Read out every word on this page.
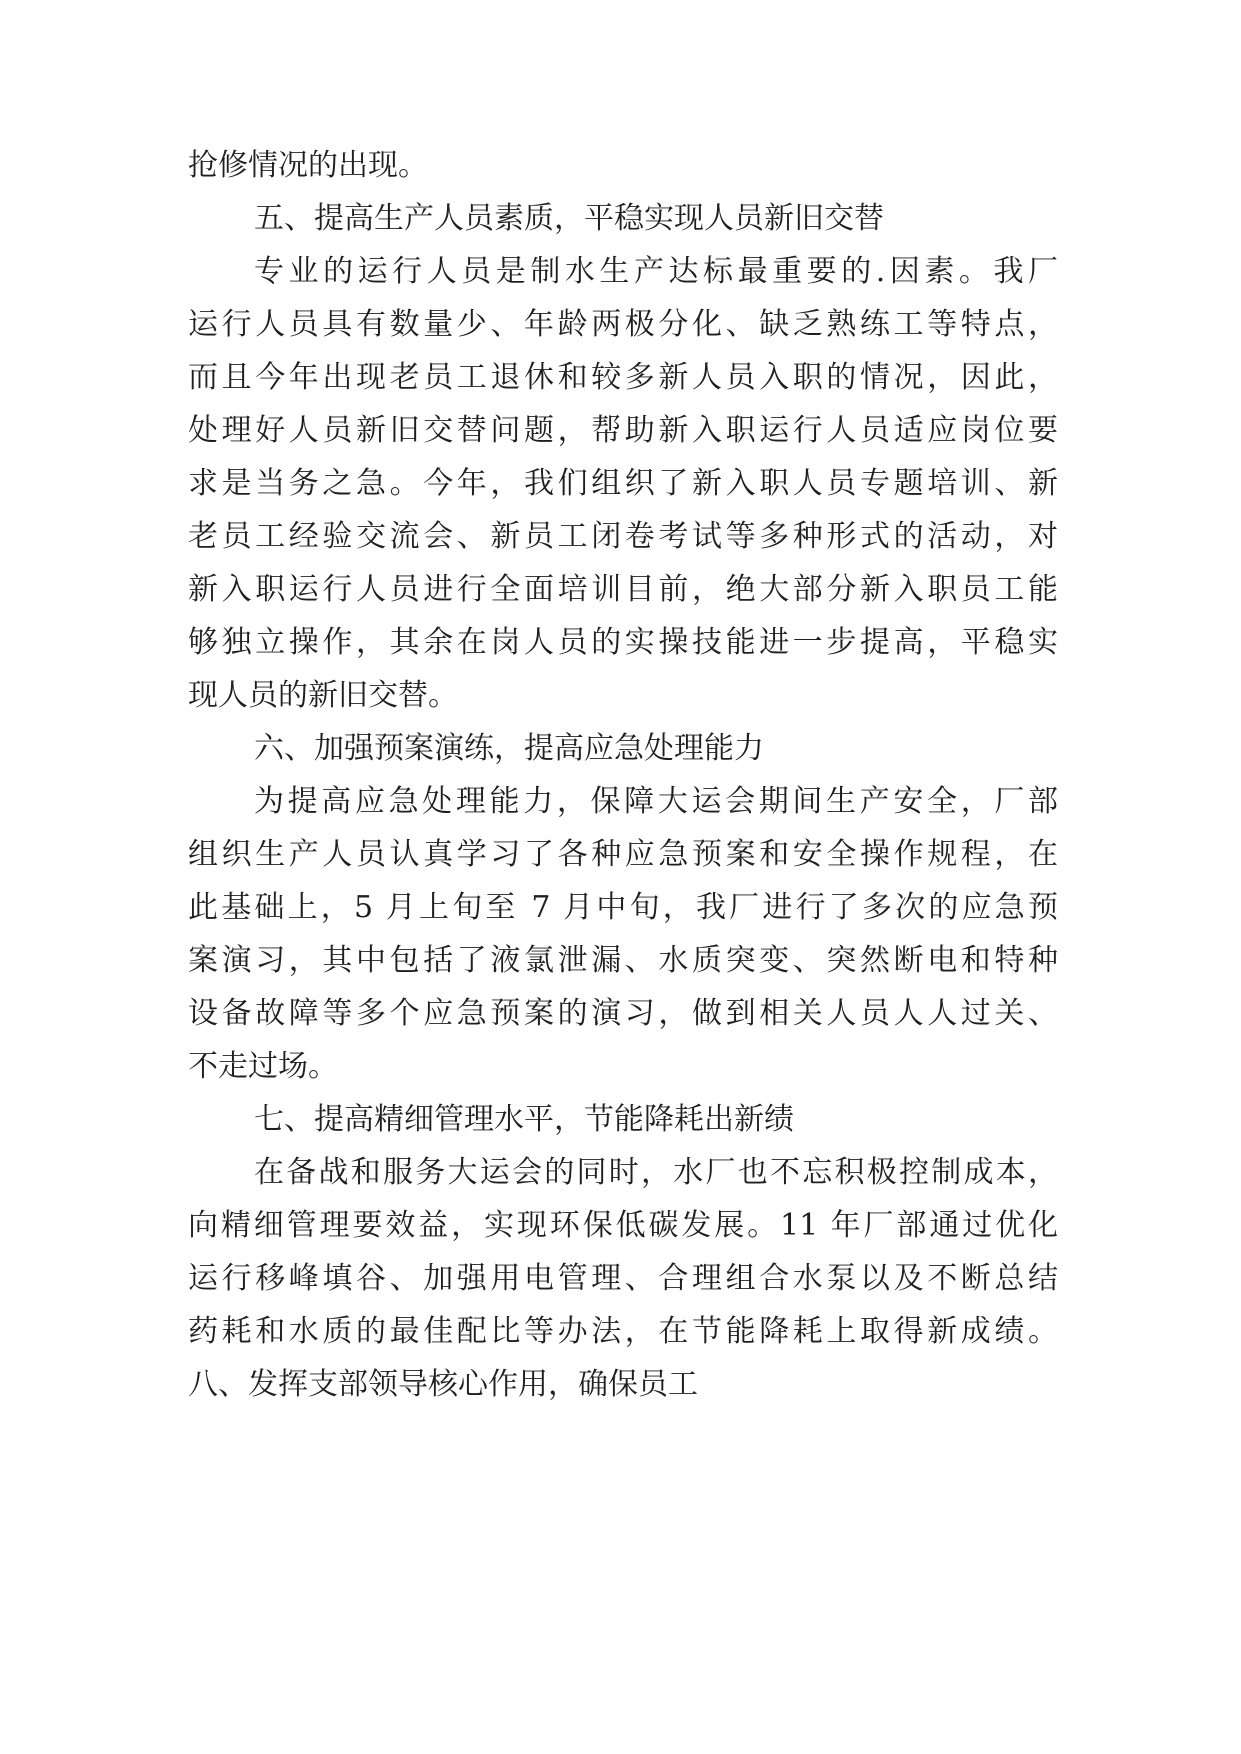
抢修情况的出现。
五、提高生产人员素质，平稳实现人员新旧交替
专业的运行人员是制水生产达标最重要的.因素。我厂
运行人员具有数量少、年龄两极分化、缺乏熟练工等特点，
而且今年出现老员工退休和较多新人员入职的情况，因此，
处理好人员新旧交替问题，帮助新入职运行人员适应岗位要
求是当务之急。今年，我们组织了新入职人员专题培训、新
老员工经验交流会、新员工闭卷考试等多种形式的活动，对
新入职运行人员进行全面培训目前，绝大部分新入职员工能
够独立操作，其余在岗人员的实操技能进一步提高，平稳实
现人员的新旧交替。
六、加强预案演练，提高应急处理能力
为提高应急处理能力，保障大运会期间生产安全，厂部
组织生产人员认真学习了各种应急预案和安全操作规程，在
此基础上，5 月上旬至 7 月中旬，我厂进行了多次的应急预
案演习，其中包括了液氯泄漏、水质突变、突然断电和特种
设备故障等多个应急预案的演习，做到相关人员人人过关、
不走过场。
七、提高精细管理水平，节能降耗出新绩
在备战和服务大运会的同时，水厂也不忘积极控制成本，
向精细管理要效益，实现环保低碳发展。11 年厂部通过优化
运行移峰填谷、加强用电管理、合理组合水泵以及不断总结
药耗和水质的最佳配比等办法，在节能降耗上取得新成绩。
八、发挥支部领导核心作用，确保员工
